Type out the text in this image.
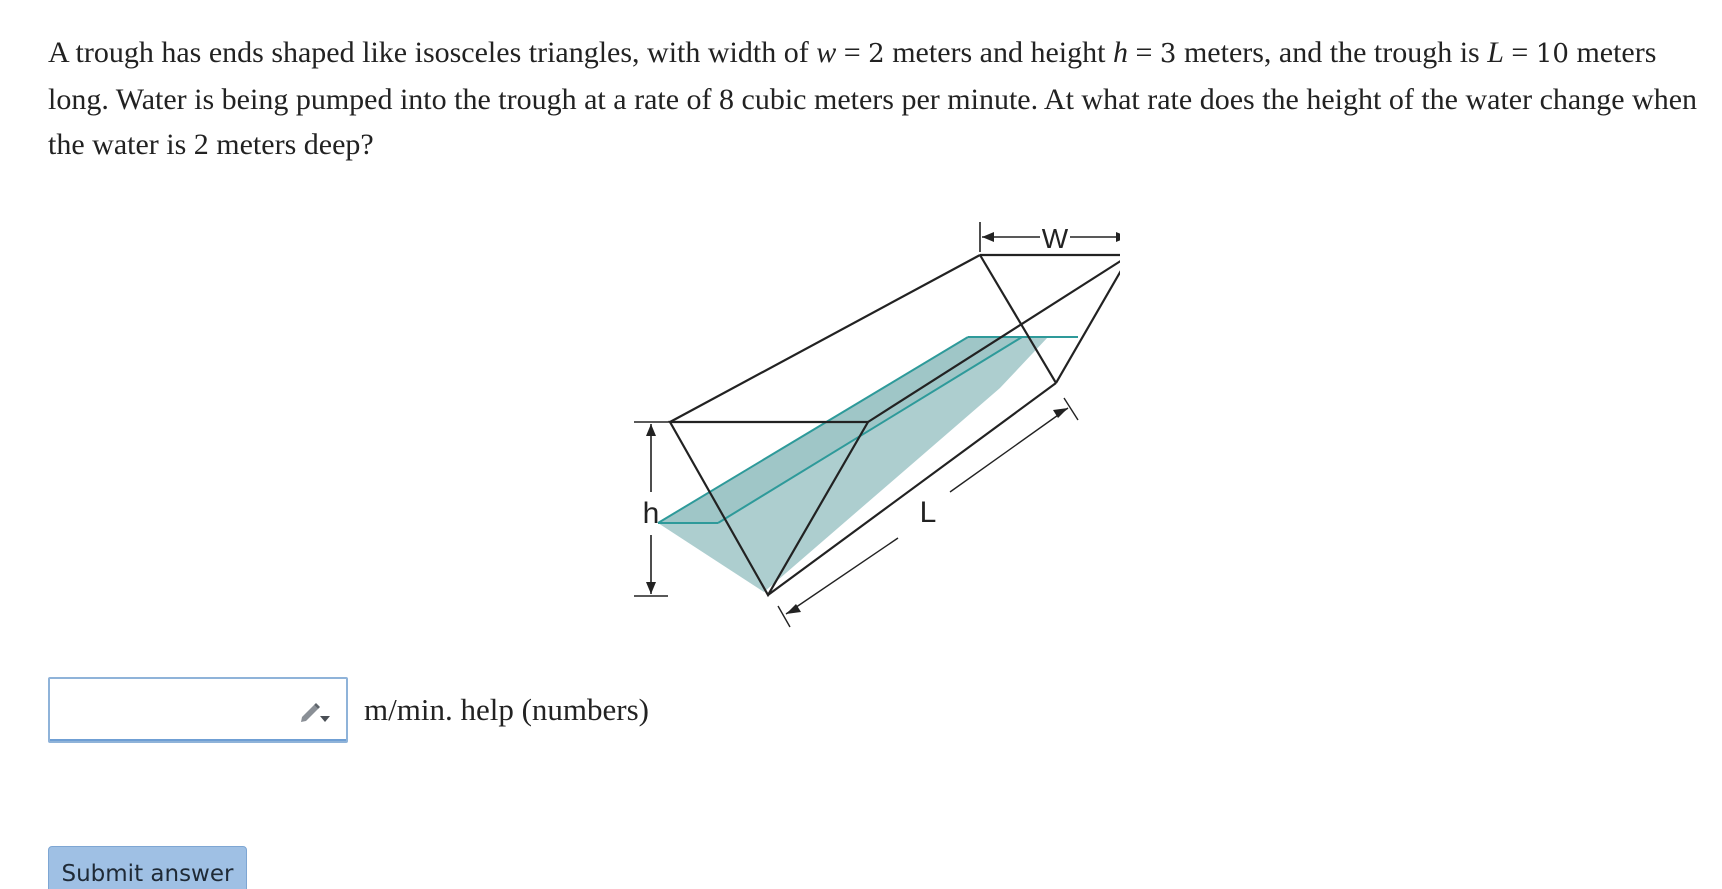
A trough has ends shaped like isosceles triangles, with width of w = 2 meters and height h = 3 meters, and the trough is L = 10 meters long. Water is being pumped into the trough at a rate of 8 cubic meters per minute. At what rate does the height of the water change when the water is 2 meters deep?

W
h	L
m/min. help (numbers)
Submit answer
